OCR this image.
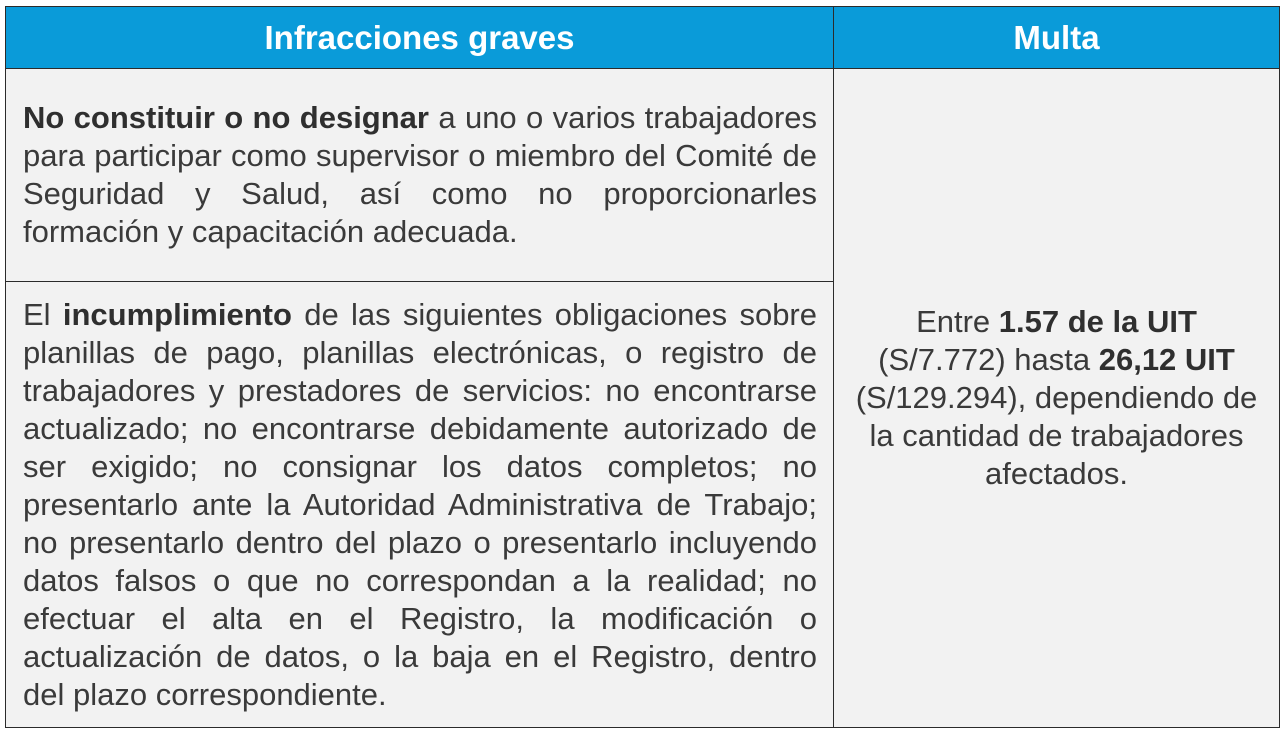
Infracciones graves	Multa
No constituir o no designar a uno o varios trabajadores para participar como supervisor o miembro del Comité de Seguridad y Salud, así como no proporcionarles formación y capacitación adecuada.	Entre 1.57 de la UIT (S/7.772) hasta 26,12 UIT (S/129.294), dependiendo de la cantidad de trabajadores afectados.
El incumplimiento de las siguientes obligaciones sobre planillas de pago, planillas electrónicas, o registro de trabajadores y prestadores de servicios: no encontrarse actualizado; no encontrarse debidamente autorizado de ser exigido; no consignar los datos completos; no presentarlo ante la Autoridad Administrativa de Trabajo; no presentarlo dentro del plazo o presentarlo incluyendo datos falsos o que no correspondan a la realidad; no efectuar el alta en el Registro, la modificación o actualización de datos, o la baja en el Registro, dentro del plazo correspondiente.	
